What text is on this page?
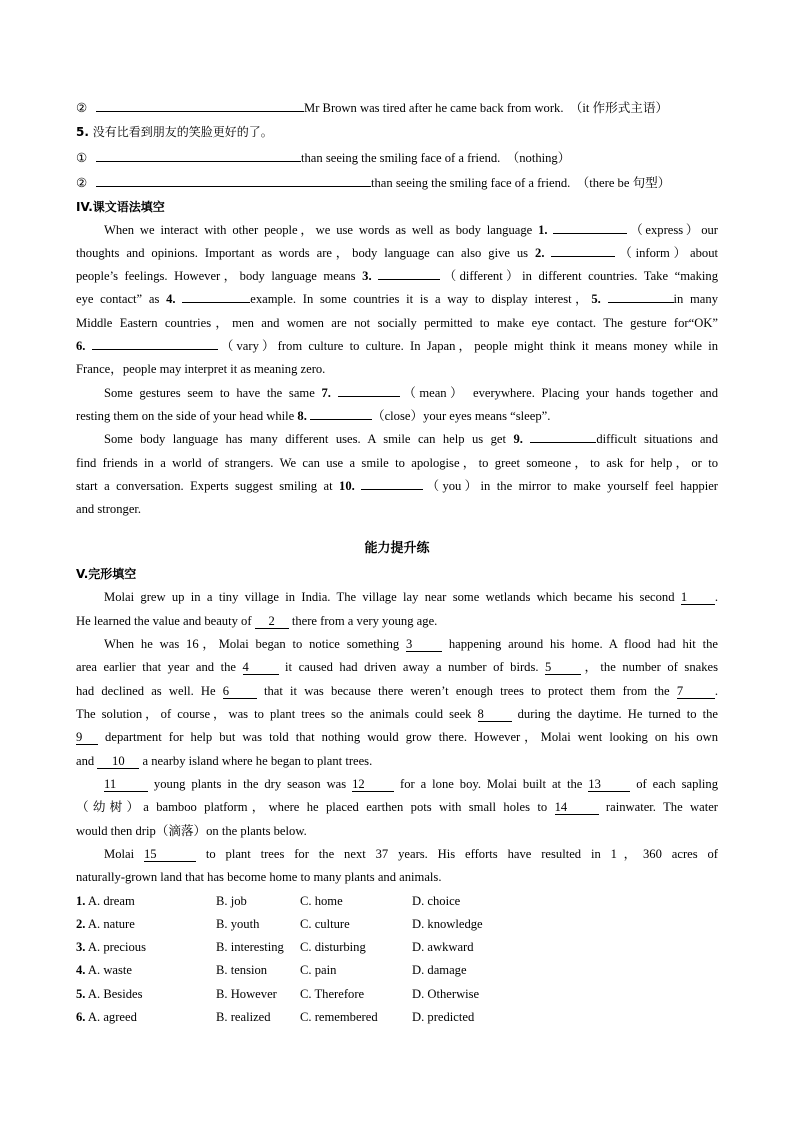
②	Mr Brown was tired after he came back from work. （it 作形式主语）
5. 没有比看到朋友的笑脸更好的了。
①	than seeing the smiling face of a friend. （nothing）
②	than seeing the smiling face of a friend. （there be 句型）
IV.课文语法填空
When we interact with other people，we use words as well as body language 1.	（express）our
thoughts and opinions. Important as words are，body language can also give us 2.	（inform）about
people’s feelings. However，body language means 3.	（different）in different countries. Take “making
eye contact” as 4.	example. In some countries it is a way to display interest，5.	in many
Middle Eastern countries，men and women are not socially permitted to make eye contact. The gesture for“OK”
6.	（vary）from culture to culture. In Japan，people might think it means money while in
France，people may interpret it as meaning zero.
Some gestures seem to have the same 7.	（mean） everywhere. Placing your hands together and
resting them on the side of your head while 8.	（close）your eyes means “sleep”.
Some body language has many different uses. A smile can help us get 9.	difficult situations and
find friends in a world of strangers. We can use a smile to apologise，to greet someone，to ask for help，or to
start a conversation. Experts suggest smiling at 10.	（you）in the mirror to make yourself feel happier
and stronger.
能力提升练
V.完形填空
Molai grew up in a tiny village in India. The village lay near some wetlands which became his second 1 .
He learned the value and beauty of 2 there from a very young age.
When he was 16，Molai began to notice something 3 happening around his home. A flood had hit the
area earlier that year and the 4 it caused had driven away a number of birds. 5 ，the number of snakes
had declined as well. He 6 that it was because there weren’t enough trees to protect them from the 7	.
The solution，of course，was to plant trees so the animals could seek 8 during the daytime. He turned to the
9 department for help but was told that nothing would grow there. However，Molai went looking on his own
and 10 a nearby island where he began to plant trees.
11	young plants in the dry season was 12 for a lone boy. Molai built at the 13 of each sapling
（幼树）a bamboo platform，where he placed earthen pots with small holes to 14 rainwater. The water
would then drip（滴落）on the plants below.
Molai 15	to plant trees for the next 37 years. His efforts have resulted in 1，360 acres of
naturally-grown land that has become home to many plants and animals.
1. A. dream	B. job	C. home	D. choice
2. A. nature	B. youth	C. culture	D. knowledge
3. A. precious	B. interesting C. disturbing	D. awkward
4. A. waste	B. tension	C. pain	D. damage
5. A. Besides	B. However C. Therefore	D. Otherwise
6. A. agreed	B. realized C. remembered	D. predicted
